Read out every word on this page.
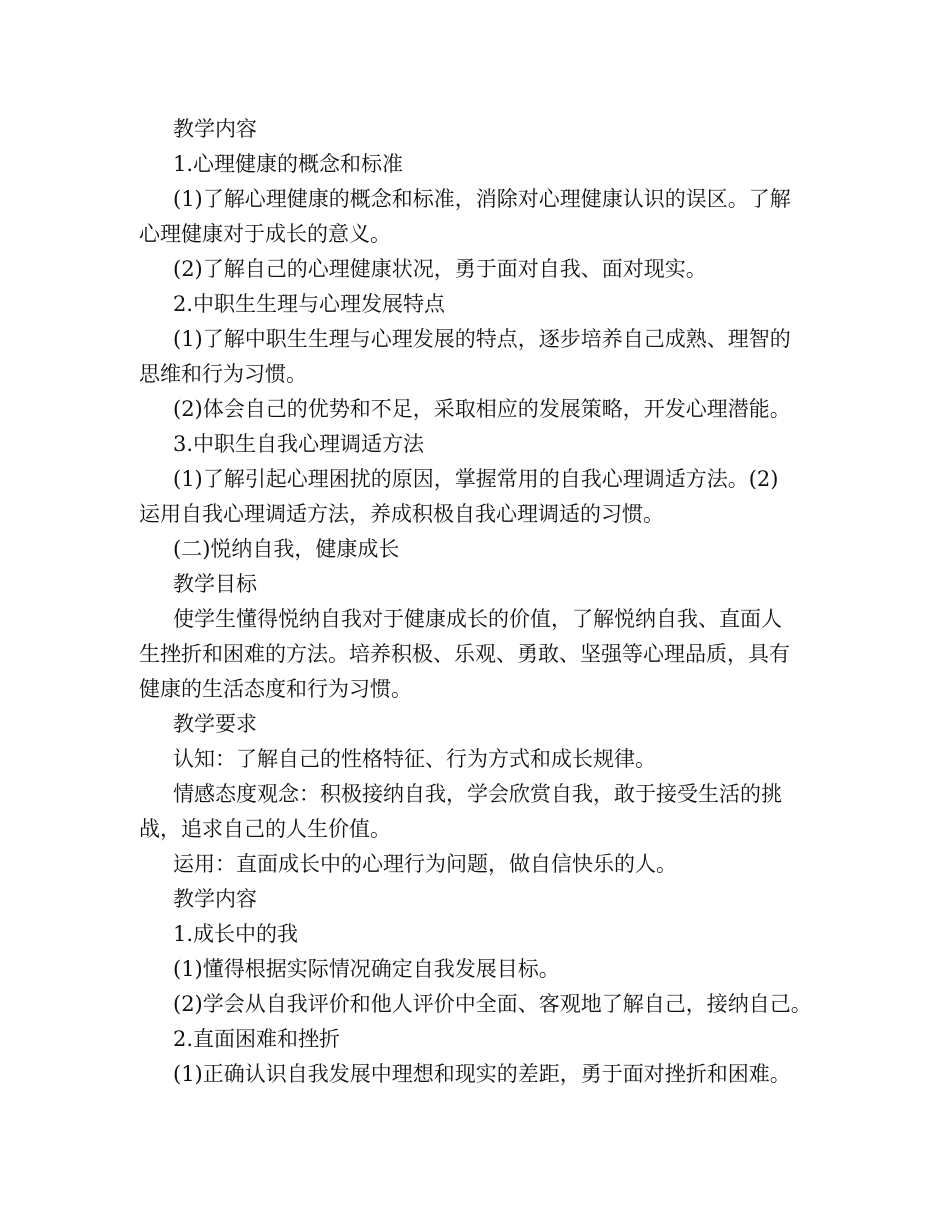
教学内容
1.心理健康的概念和标准
(1)了解心理健康的概念和标准，消除对心理健康认识的误区。了解
心理健康对于成长的意义。
(2)了解自己的心理健康状况，勇于面对自我、面对现实。
2.中职生生理与心理发展特点
(1)了解中职生生理与心理发展的特点，逐步培养自己成熟、理智的
思维和行为习惯。
(2)体会自己的优势和不足，采取相应的发展策略，开发心理潜能。
3.中职生自我心理调适方法
(1)了解引起心理困扰的原因，掌握常用的自我心理调适方法。(2)
运用自我心理调适方法，养成积极自我心理调适的习惯。
(二)悦纳自我，健康成长
教学目标
使学生懂得悦纳自我对于健康成长的价值，了解悦纳自我、直面人
生挫折和困难的方法。培养积极、乐观、勇敢、坚强等心理品质，具有
健康的生活态度和行为习惯。
教学要求
认知：了解自己的性格特征、行为方式和成长规律。
情感态度观念：积极接纳自我，学会欣赏自我，敢于接受生活的挑
战，追求自己的人生价值。
运用：直面成长中的心理行为问题，做自信快乐的人。
教学内容
1.成长中的我
(1)懂得根据实际情况确定自我发展目标。
(2)学会从自我评价和他人评价中全面、客观地了解自己，接纳自己。
2.直面困难和挫折
(1)正确认识自我发展中理想和现实的差距，勇于面对挫折和困难。
